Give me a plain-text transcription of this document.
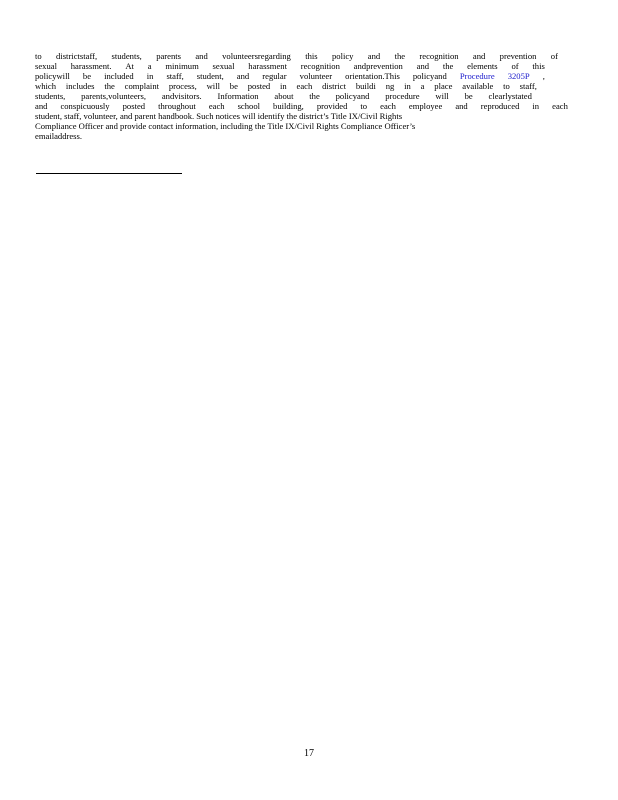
to districtstaff, students, parents and volunteersregarding this policy and the recognition and prevention of
sexual harassment. At a minimum sexual harassment recognition andprevention and the elements of this
policywill be included in staff, student, and regular volunteer orientation.This policyand Procedure 3205P ,
which includes the complaint process, will be posted in each district buildi ng in a place available to staff,
students, parents,volunteers, andvisitors. Information about the policyand procedure will be clearlystated
and conspicuously posted throughout each school building, provided to each employee and reproduced in each
student, staff, volunteer, and parent handbook. Such notices will identify the district’s Title IX/Civil Rights
Compliance Officer and provide contact information, including the Title IX/Civil Rights Compliance Officer’s
emailaddress.
17
